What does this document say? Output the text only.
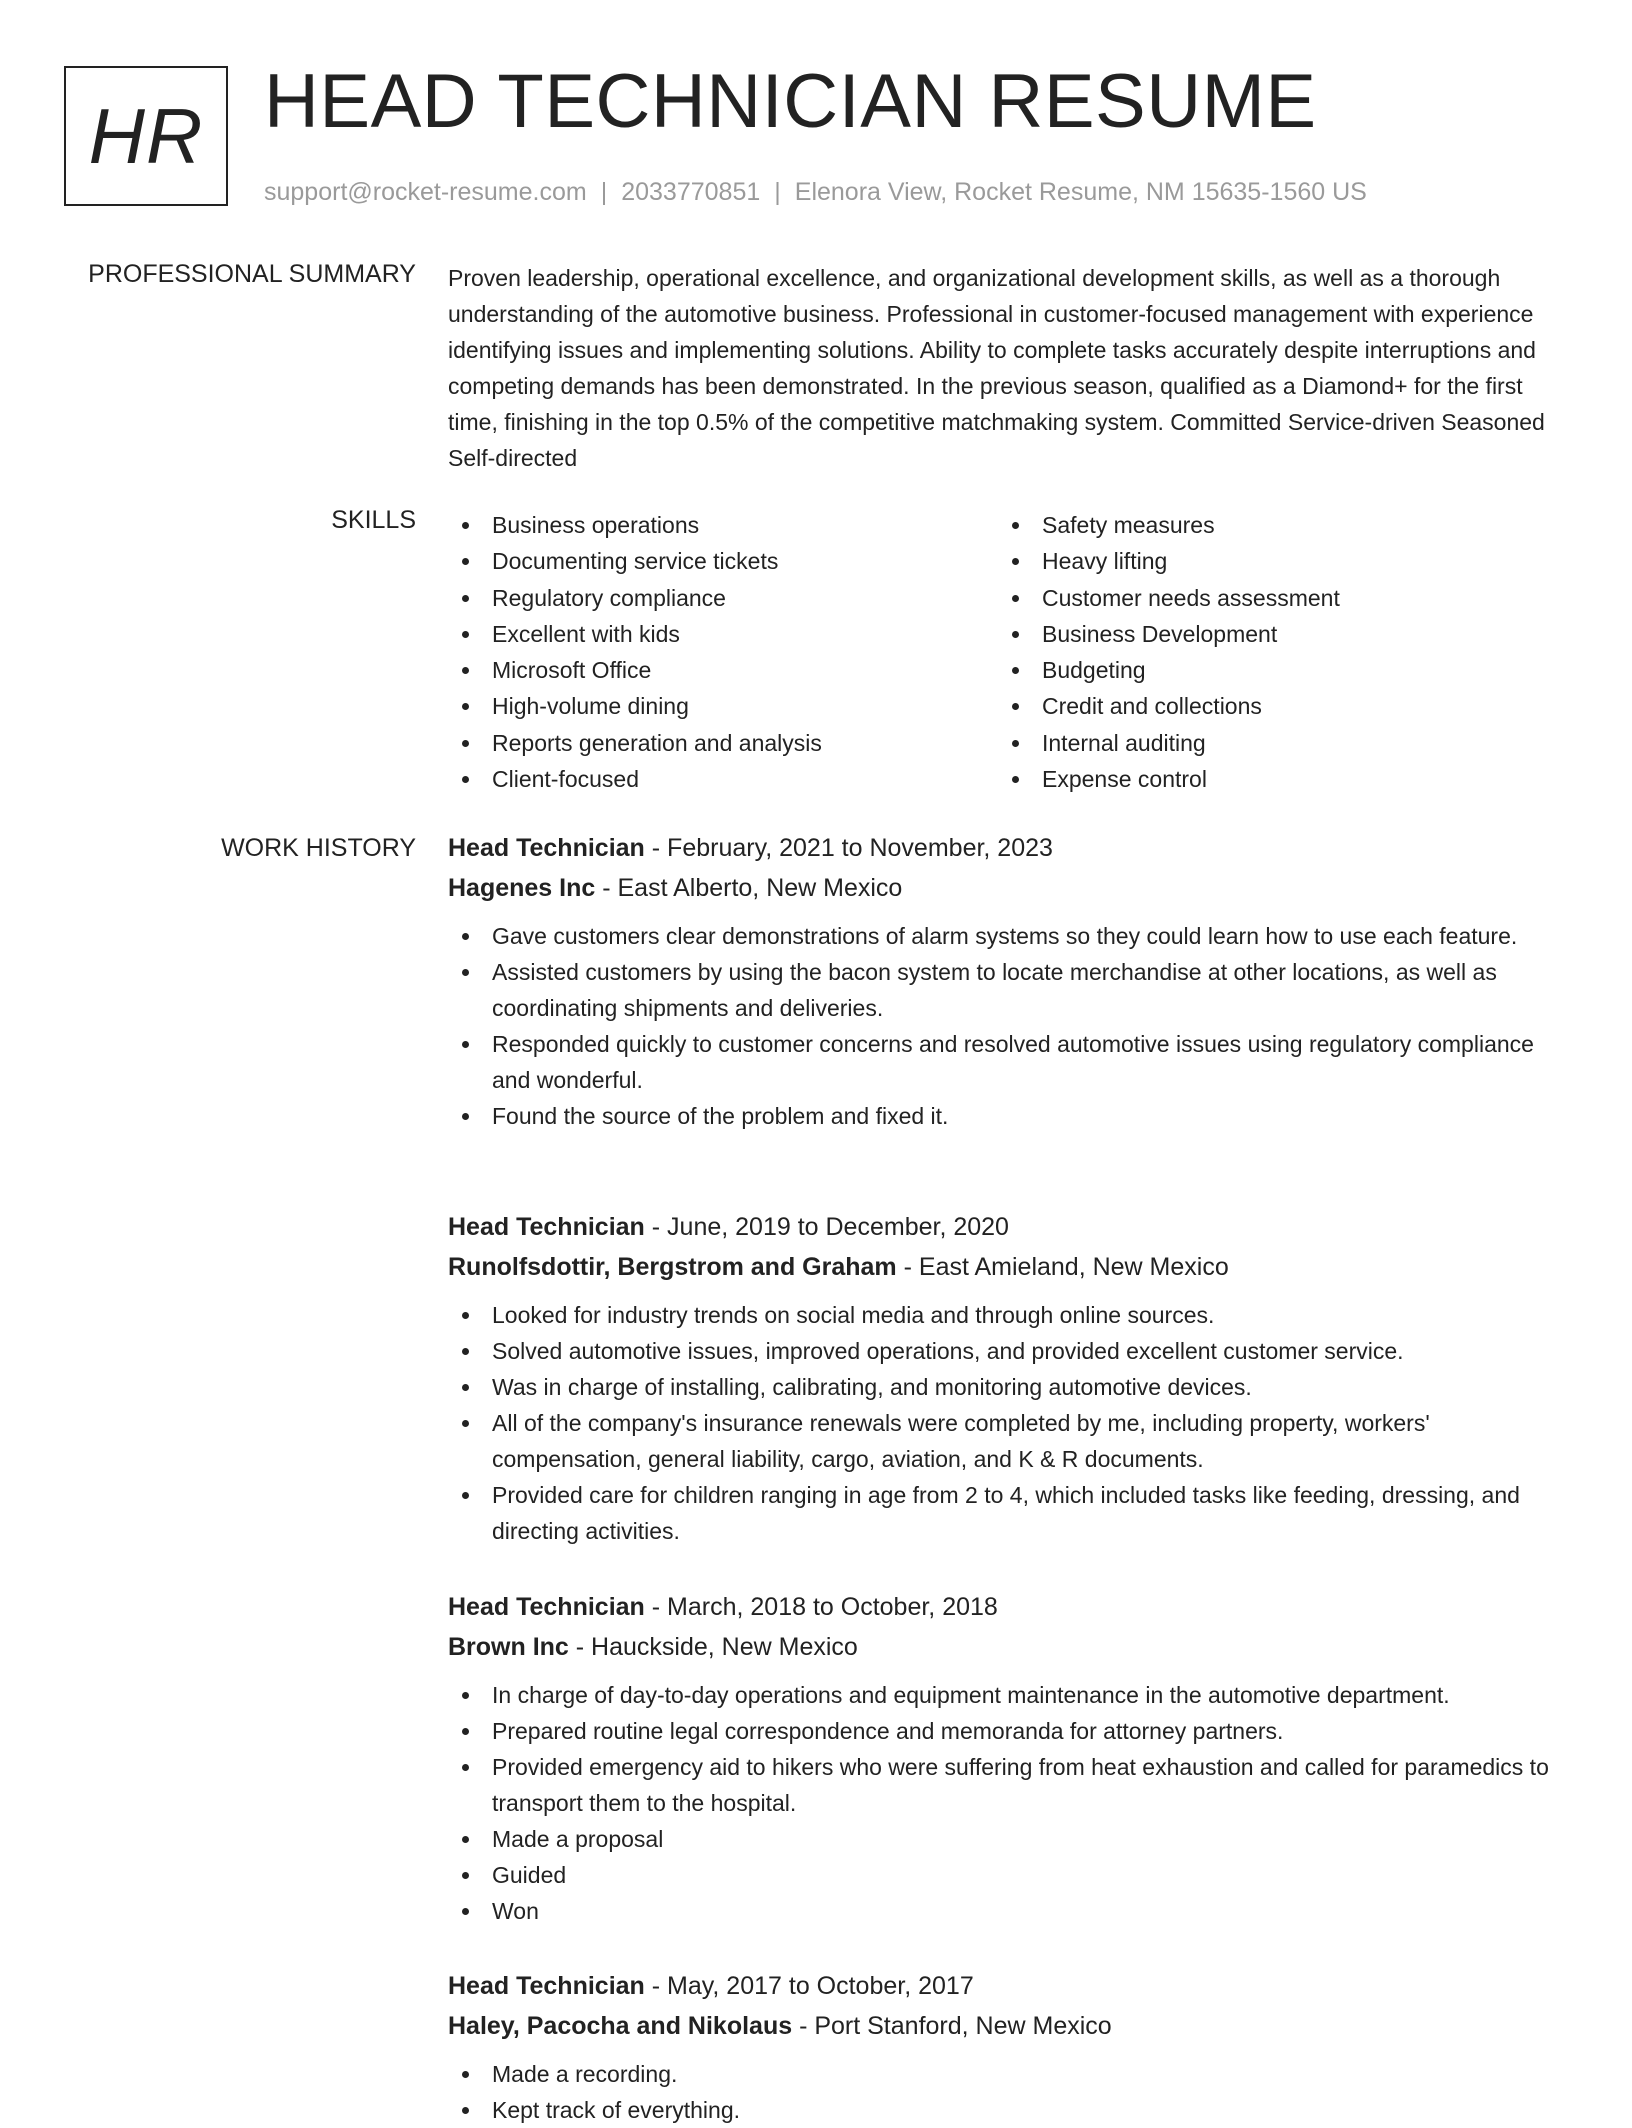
HR HEAD TECHNICIAN RESUME
support@rocket-resume.com | 2033770851 | Elenora View, Rocket Resume, NM 15635-1560 US
PROFESSIONAL SUMMARY Proven leadership, operational excellence, and organizational development skills, as well as a thorough understanding of the automotive business. Professional in customer-focused management with experience identifying issues and implementing solutions. Ability to complete tasks accurately despite interruptions and competing demands has been demonstrated. In the previous season, qualified as a Diamond+ for the first time, finishing in the top 0.5% of the competitive matchmaking system. Committed Service-driven Seasoned Self-directed

SKILLS	Business operations
Documenting service tickets
Regulatory compliance
Excellent with kids
Microsoft Office
High-volume dining
Reports generation and analysis
Client-focused
Safety measures
Heavy lifting
Customer needs assessment
Business Development
Budgeting
Credit and collections
Internal auditing
Expense control
WORK HISTORY Head Technician - February, 2021 to November, 2023
Hagenes Inc - East Alberto, New Mexico
Gave customers clear demonstrations of alarm systems so they could learn how to use each feature.
Assisted customers by using the bacon system to locate merchandise at other locations, as well as coordinating shipments and deliveries.
Responded quickly to customer concerns and resolved automotive issues using regulatory compliance and wonderful.
Found the source of the problem and fixed it.
Head Technician - June, 2019 to December, 2020
Runolfsdottir, Bergstrom and Graham - East Amieland, New Mexico
Looked for industry trends on social media and through online sources.
Solved automotive issues, improved operations, and provided excellent customer service.
Was in charge of installing, calibrating, and monitoring automotive devices.
All of the company's insurance renewals were completed by me, including property, workers' compensation, general liability, cargo, aviation, and K & R documents.
Provided care for children ranging in age from 2 to 4, which included tasks like feeding, dressing, and directing activities.
Head Technician - March, 2018 to October, 2018
Brown Inc - Hauckside, New Mexico
In charge of day-to-day operations and equipment maintenance in the automotive department.
Prepared routine legal correspondence and memoranda for attorney partners.
Provided emergency aid to hikers who were suffering from heat exhaustion and called for paramedics to transport them to the hospital.
Made a proposal
Guided
Won
Head Technician - May, 2017 to October, 2017
Haley, Pacocha and Nikolaus - Port Stanford, New Mexico
Made a recording.
Kept track of everything.
